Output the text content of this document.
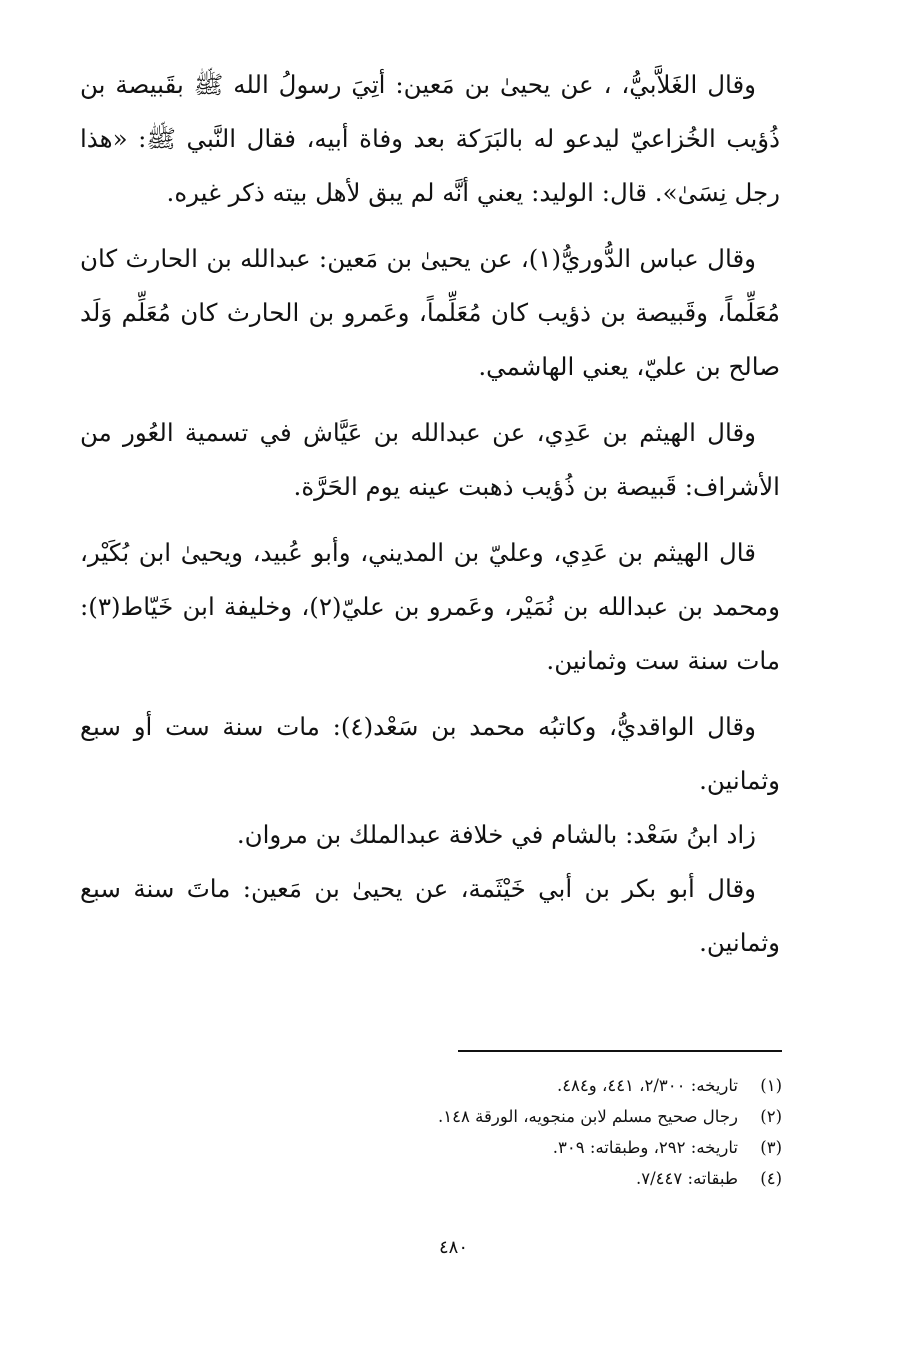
وقال الغَلاَّبيُّ، ، عن يحيىٰ بن مَعين: أتِيَ رسولُ الله ﷺ بقَبيصة بن ذُؤيب الخُزاعيّ ليدعو له بالبَرَكة بعد وفاة أبيه، فقال النَّبي ﷺ: «هذا رجل نِسَىٰ». قال: الوليد: يعني أنَّه لم يبق لأهل بيته ذكر غيره.

وقال عباس الدُّوريُّ(١)، عن يحيىٰ بن مَعين: عبدالله بن الحارث كان مُعَلِّماً، وقَبيصة بن ذؤيب كان مُعَلِّماً، وعَمرو بن الحارث كان مُعَلِّم وَلَد صالح بن عليّ، يعني الهاشمي.

وقال الهيثم بن عَدِي، عن عبدالله بن عَيَّاش في تسمية العُور من الأشراف: قَبيصة بن ذُؤيب ذهبت عينه يوم الحَرَّة.

قال الهيثم بن عَدِي، وعليّ بن المديني، وأبو عُبيد، ويحيىٰ ابن بُكَيْر، ومحمد بن عبدالله بن نُمَيْر، وعَمرو بن عليّ(٢)، وخليفة ابن خَيّاط(٣): مات سنة ست وثمانين.

وقال الواقديُّ، وكاتبُه محمد بن سَعْد(٤): مات سنة ست أو سبع وثمانين.

زاد ابنُ سَعْد: بالشام في خلافة عبدالملك بن مروان.

وقال أبو بكر بن أبي خَيْثَمة، عن يحيىٰ بن مَعين: ماتَ سنة سبع وثمانين.

(١)
تاريخه: ٢/٣٠٠، ٤٤١، و٤٨٤.
(٢)
رجال صحيح مسلم لابن منجويه، الورقة ١٤٨.
(٣)
تاريخه: ٢٩٢، وطبقاته: ٣٠٩.
(٤)
طبقاته: ٧/٤٤٧.
٤٨٠
